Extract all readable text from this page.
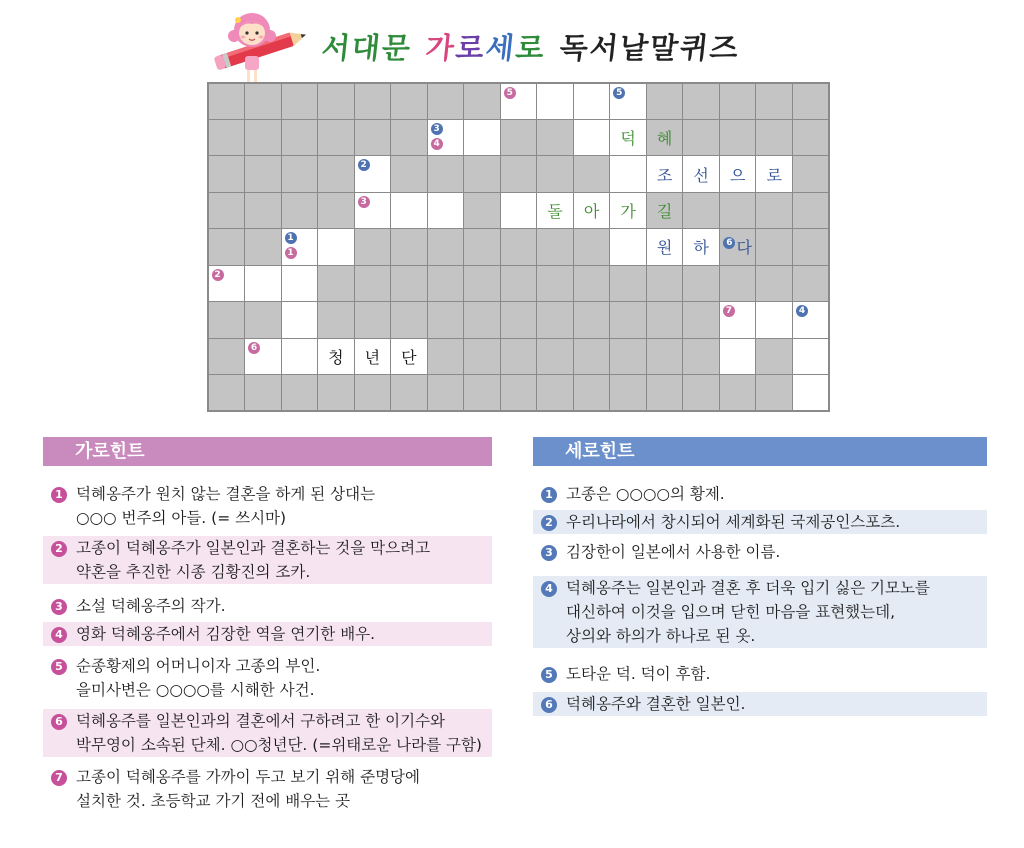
서대문 가로세로 독서낱말퀴즈
5	5
3
4	덕 혜
2
조 선 으 로
3
돌 아 가 길
1
1	원 하	6 다
2
7	4
6
청 년 단
가로힌트
1 덕혜옹주가 원치 않는 결혼을 하게 된 상대는
○○○ 번주의 아들. (= 쓰시마)
2 고종이 덕혜옹주가 일본인과 결혼하는 것을 막으려고
약혼을 추진한 시종 김황진의 조카.
3 소설 덕혜옹주의 작가.
4 영화 덕혜옹주에서 김장한 역을 연기한 배우.
5 순종황제의 어머니이자 고종의 부인.
을미사변은 ○○○○를 시해한 사건.
6 덕혜옹주를 일본인과의 결혼에서 구하려고 한 이기수와
박무영이 소속된 단체. ○○청년단. (=위태로운 나라를 구함)
7 고종이 덕혜옹주를 가까이 두고 보기 위해 준명당에
설치한 것. 초등학교 가기 전에 배우는 곳
세로힌트
1 고종은 ○○○○의 황제.
2 우리나라에서 창시되어 세계화된 국제공인스포츠.
3 김장한이 일본에서 사용한 이름.
4 덕혜옹주는 일본인과 결혼 후 더욱 입기 싫은 기모노를
대신하여 이것을 입으며 닫힌 마음을 표현했는데,
상의와 하의가 하나로 된 옷.
5 도타운 덕. 덕이 후함.
6 덕혜옹주와 결혼한 일본인.
